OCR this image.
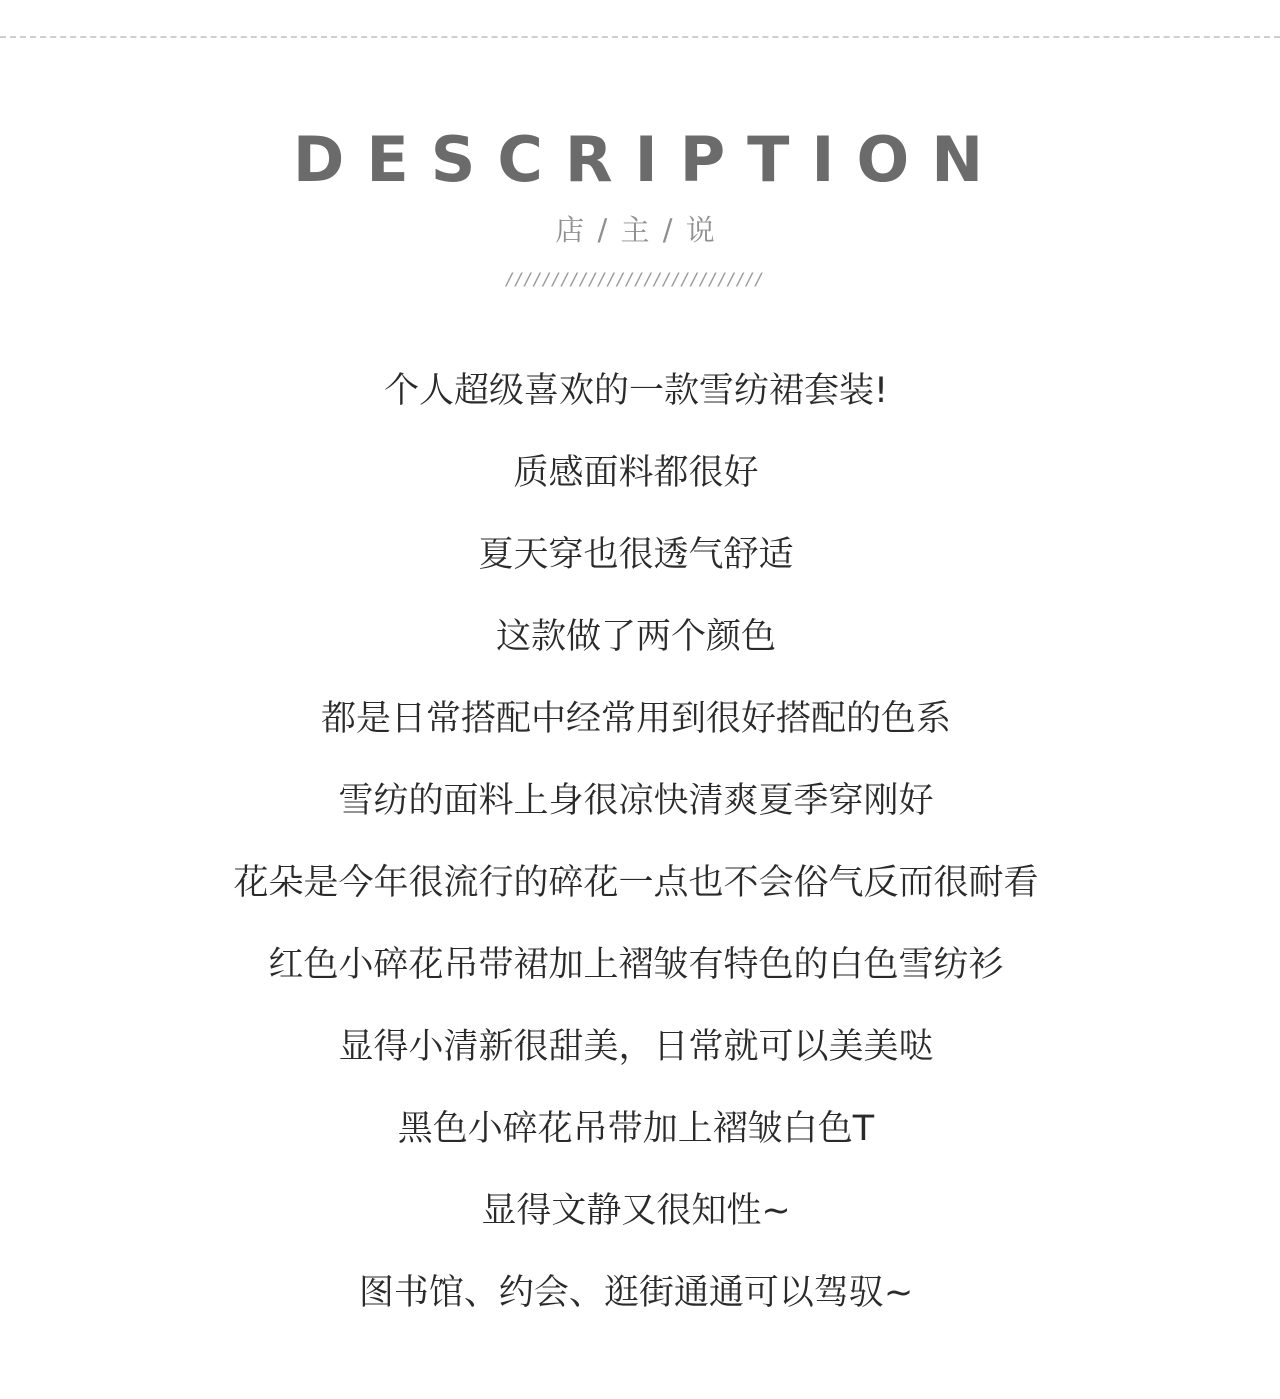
DESCRIPTION
店 / 主 / 说
////////////////////////////
个人超级喜欢的一款雪纺裙套装!
质感面料都很好
夏天穿也很透气舒适
这款做了两个颜色
都是日常搭配中经常用到很好搭配的色系
雪纺的面料上身很凉快清爽夏季穿刚好
花朵是今年很流行的碎花一点也不会俗气反而很耐看
红色小碎花吊带裙加上褶皱有特色的白色雪纺衫
显得小清新很甜美，日常就可以美美哒
黑色小碎花吊带加上褶皱白色T
显得文静又很知性~
图书馆、约会、逛街通通可以驾驭~
